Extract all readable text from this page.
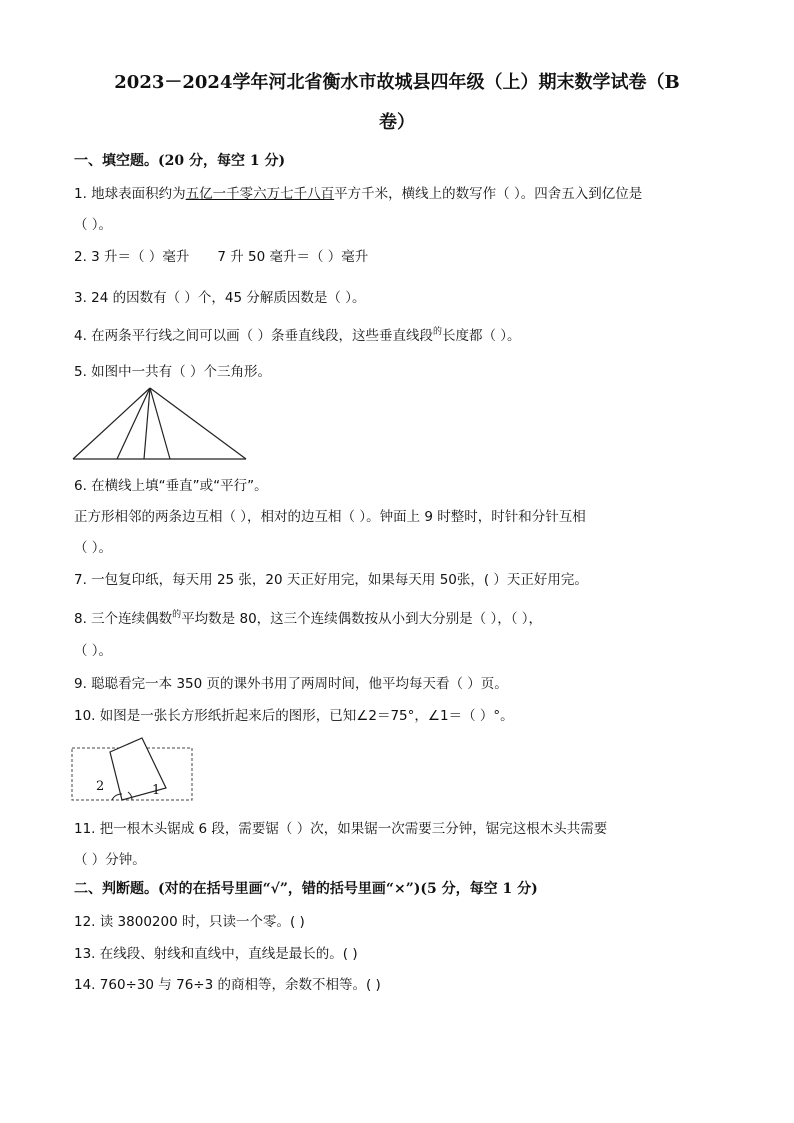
2023－2024学年河北省衡水市故城县四年级（上）期末数学试卷（B
卷）
一、填空题。(20 分，每空 1 分)
1. 地球表面积约为五亿一千零六万七千八百平方千米，横线上的数写作（ ）。四舍五入到亿位是
（ ）。
2. 3 升＝（ ）毫升 7 升 50 毫升＝（ ）毫升
3. 24 的因数有（ ）个，45 分解质因数是（ ）。
4. 在两条平行线之间可以画（ ）条垂直线段，这些垂直线段$^的$长度都（ ）。
5. 如图中一共有（ ）个三角形。
6. 在横线上填“垂直”或“平行”。
正方形相邻的两条边互相（ ），相对的边互相（ ）。钟面上 9 时整时，时针和分针互相
（ ）。
7. 一包复印纸，每天用 25 张，20 天正好用完，如果每天用 50张，( ）天正好用完。
8. 三个连续偶数$^的$平均数是 80，这三个连续偶数按从小到大分别是（ ），（ ），
（ ）。
9. 聪聪看完一本 350 页的课外书用了两周时间，他平均每天看（ ）页。
10. 如图是一张长方形纸折起来后的图形，已知∠2＝75°，∠1＝（ ）°。
2	1
11. 把一根木头锯成 6 段，需要锯（ ）次，如果锯一次需要三分钟，锯完这根木头共需要
（ ）分钟。
二、判断题。(对的在括号里画“√”，错的括号里画“×”)(5 分，每空 1 分)
12. 读 3800200 时，只读一个零。( )
13. 在线段、射线和直线中，直线是最长的。( )
14. 760÷30 与 76÷3 的商相等，余数不相等。( )
